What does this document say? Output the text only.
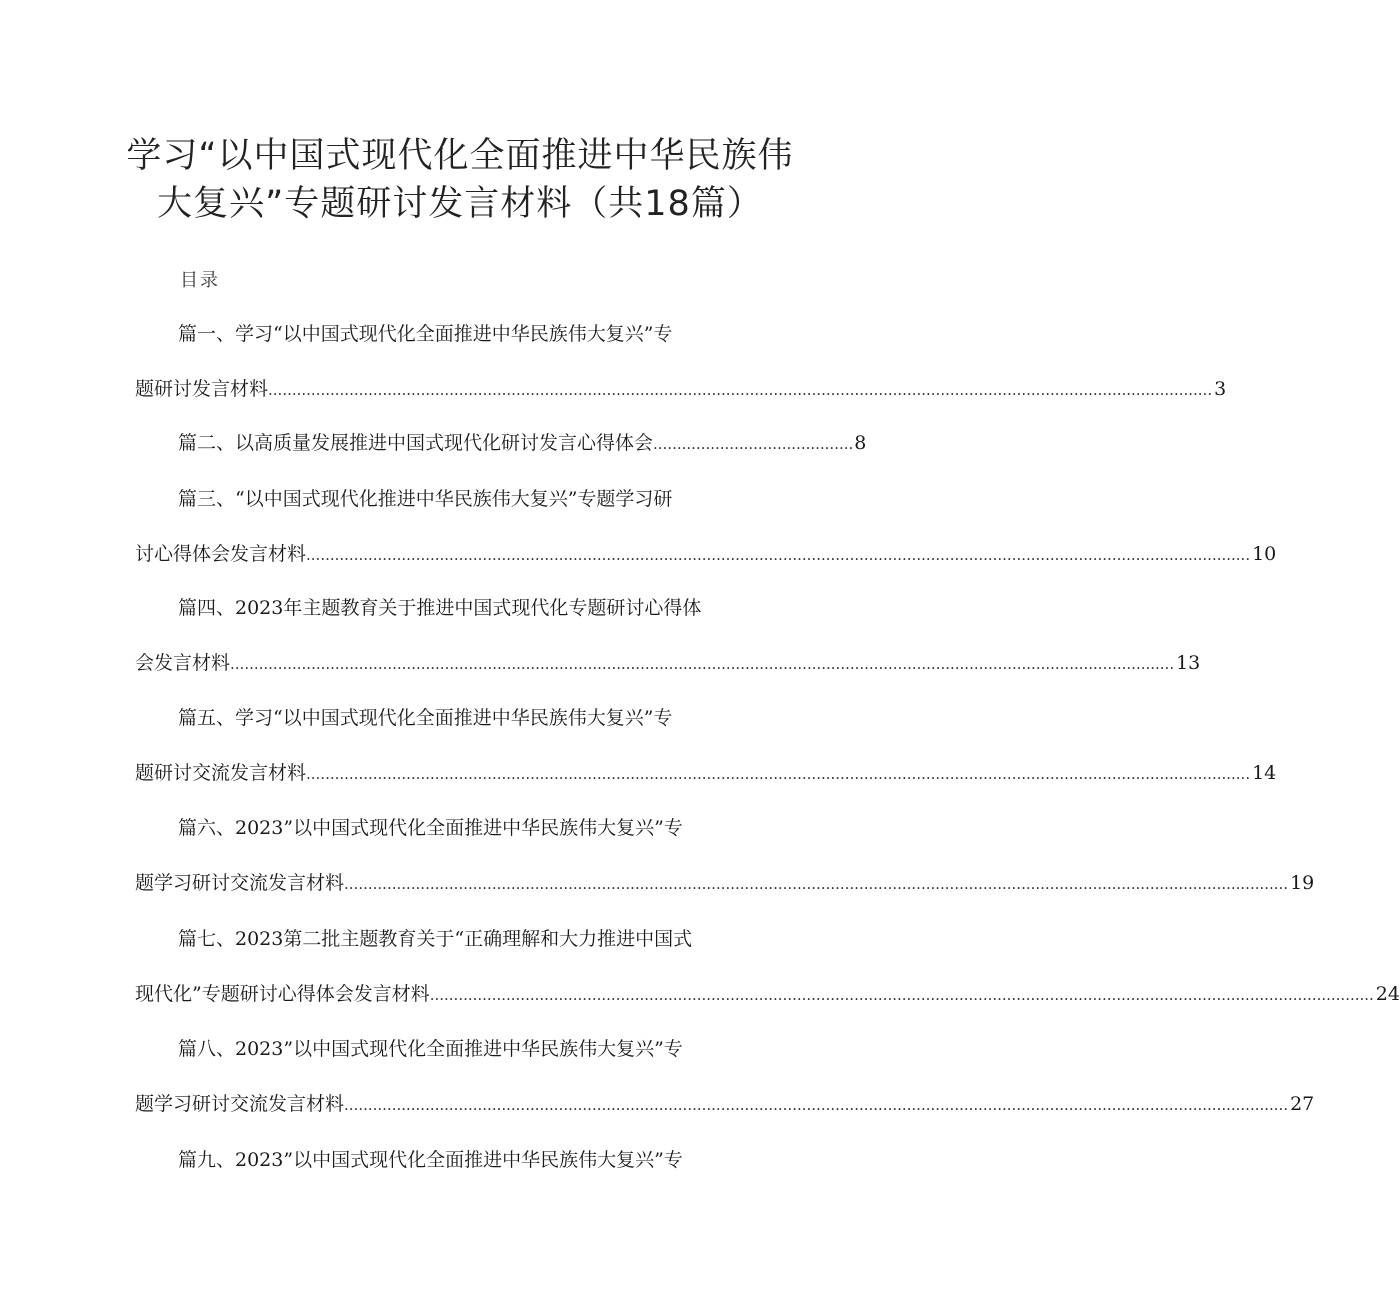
学习“以中国式现代化全面推进中华民族伟
大复兴”专题研讨发言材料（共18篇）
目录
篇一、学习“以中国式现代化全面推进中华民族伟大复兴”专
题研讨发言材料 ...................................................................................................................................................................................................... 3
篇二、以高质量发展推进中国式现代化研讨发言心得体会 .......................................... 8
篇三、“以中国式现代化推进中华民族伟大复兴”专题学习研
讨心得体会发言材料 ...................................................................................................................................................................................................... 10
篇四、2023年主题教育关于推进中国式现代化专题研讨心得体
会发言材料 ...................................................................................................................................................................................................... 13
篇五、学习“以中国式现代化全面推进中华民族伟大复兴”专
题研讨交流发言材料 ...................................................................................................................................................................................................... 14
篇六、2023”以中国式现代化全面推进中华民族伟大复兴”专
题学习研讨交流发言材料 ...................................................................................................................................................................................................... 19
篇七、2023第二批主题教育关于“正确理解和大力推进中国式
现代化”专题研讨心得体会发言材料 ...................................................................................................................................................................................................... 24
篇八、2023”以中国式现代化全面推进中华民族伟大复兴”专
题学习研讨交流发言材料 ...................................................................................................................................................................................................... 27
篇九、2023”以中国式现代化全面推进中华民族伟大复兴”专
